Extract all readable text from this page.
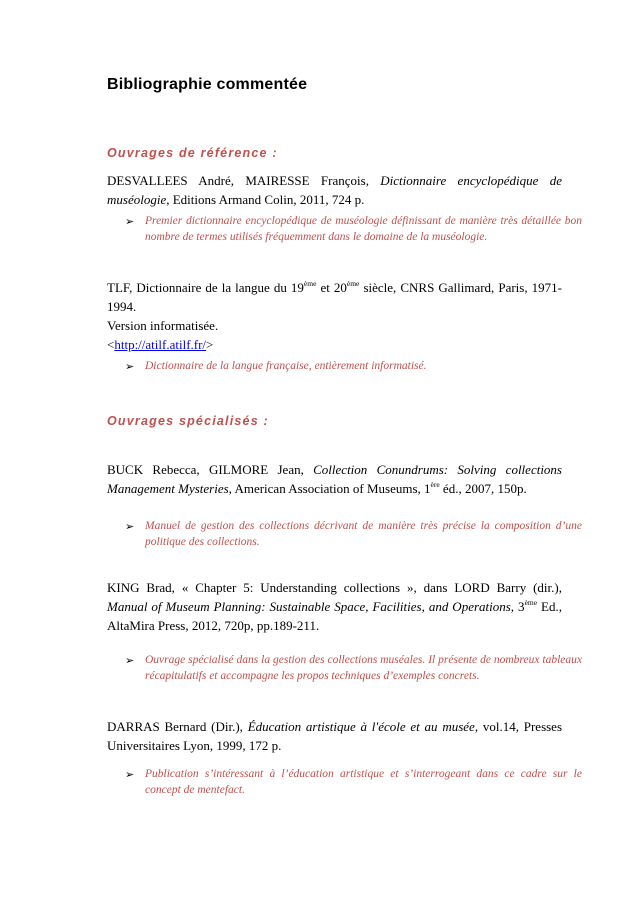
Bibliographie commentée
Ouvrages de référence :
DESVALLEES André, MAIRESSE François, Dictionnaire encyclopédique de muséologie, Editions Armand Colin, 2011, 724 p.
➢ Premier dictionnaire encyclopédique de muséologie définissant de manière très détaillée bon nombre de termes utilisés fréquemment dans le domaine de la muséologie.
TLF, Dictionnaire de la langue du 19ème et 20ème siècle, CNRS Gallimard, Paris, 1971-1994.
Version informatisée.
<http://atilf.atilf.fr/>
➢ Dictionnaire de la langue française, entièrement informatisé.
Ouvrages spécialisés :
BUCK Rebecca, GILMORE Jean, Collection Conundrums: Solving collections Management Mysteries, American Association of Museums, 1ère éd., 2007, 150p.
➢ Manuel de gestion des collections décrivant de manière très précise la composition d’une politique des collections.
KING Brad, « Chapter 5: Understanding collections », dans LORD Barry (dir.), Manual of Museum Planning: Sustainable Space, Facilities, and Operations, 3ème Ed., AltaMira Press, 2012, 720p, pp.189-211.
➢ Ouvrage spécialisé dans la gestion des collections muséales. Il présente de nombreux tableaux récapitulatifs et accompagne les propos techniques d’exemples concrets.
DARRAS Bernard (Dir.), Éducation artistique à l'école et au musée, vol.14, Presses Universitaires Lyon, 1999, 172 p.
➢ Publication s’intéressant à l’éducation artistique et s’interrogeant dans ce cadre sur le concept de mentefact.
